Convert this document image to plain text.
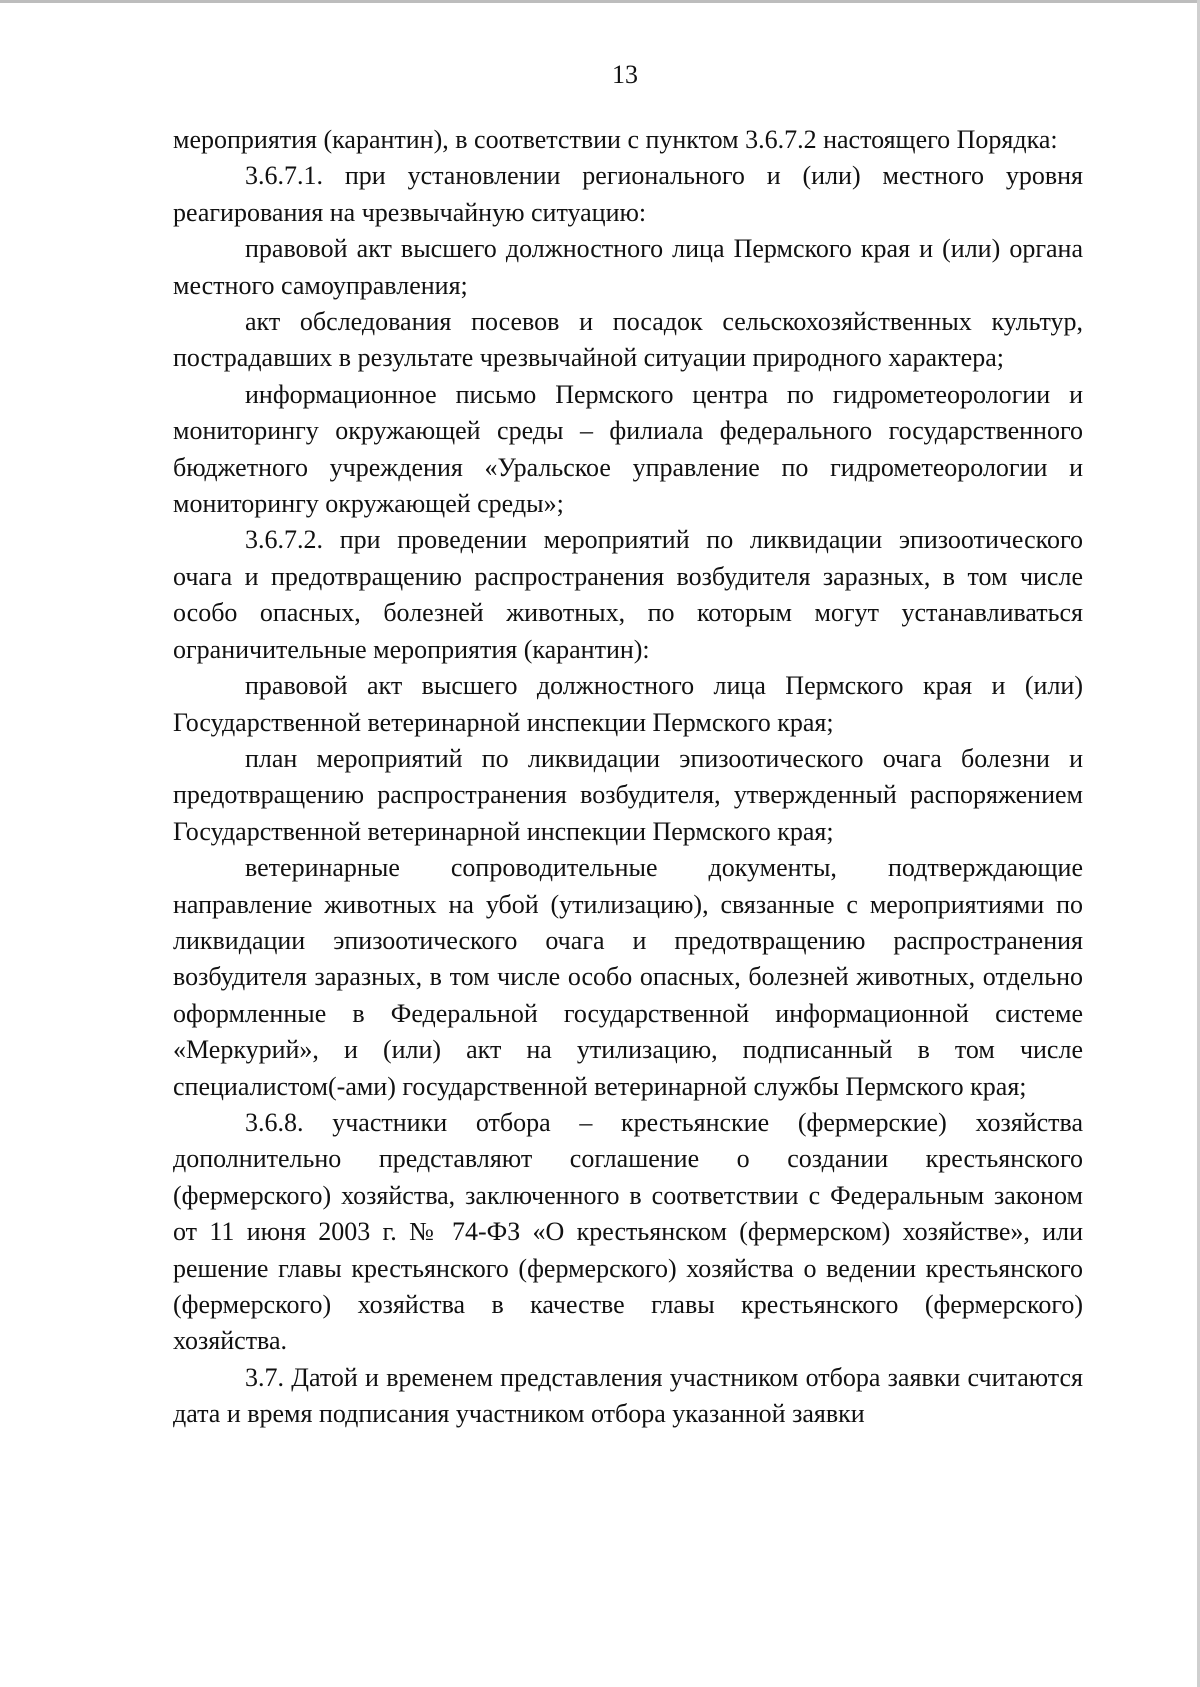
13

мероприятия (карантин), в соответствии с пунктом 3.6.7.2 настоящего Порядка:

3.6.7.1. при установлении регионального и (или) местного уровня реагирования на чрезвычайную ситуацию:

правовой акт высшего должностного лица Пермского края и (или) органа местного самоуправления;

акт обследования посевов и посадок сельскохозяйственных культур, пострадавших в результате чрезвычайной ситуации природного характера;

информационное письмо Пермского центра по гидрометеорологии и мониторингу окружающей среды – филиала федерального государственного бюджетного учреждения «Уральское управление по гидрометеорологии и мониторингу окружающей среды»;

3.6.7.2. при проведении мероприятий по ликвидации эпизоотического очага и предотвращению распространения возбудителя заразных, в том числе особо опасных, болезней животных, по которым могут устанавливаться ограничительные мероприятия (карантин):

правовой акт высшего должностного лица Пермского края и (или) Государственной ветеринарной инспекции Пермского края;

план мероприятий по ликвидации эпизоотического очага болезни и предотвращению распространения возбудителя, утвержденный распоряжением Государственной ветеринарной инспекции Пермского края;

ветеринарные сопроводительные документы, подтверждающие направление животных на убой (утилизацию), связанные с мероприятиями по ликвидации эпизоотического очага и предотвращению распространения возбудителя заразных, в том числе особо опасных, болезней животных, отдельно оформленные в Федеральной государственной информационной системе «Меркурий», и (или) акт на утилизацию, подписанный в том числе специалистом(-ами) государственной ветеринарной службы Пермского края;

3.6.8. участники отбора – крестьянские (фермерские) хозяйства дополнительно представляют соглашение о создании крестьянского (фермерского) хозяйства, заключенного в соответствии с Федеральным законом от 11 июня 2003 г. № 74-ФЗ «О крестьянском (фермерском) хозяйстве», или решение главы крестьянского (фермерского) хозяйства о ведении крестьянского (фермерского) хозяйства в качестве главы крестьянского (фермерского) хозяйства.

3.7. Датой и временем представления участником отбора заявки считаются дата и время подписания участником отбора указанной заявки
